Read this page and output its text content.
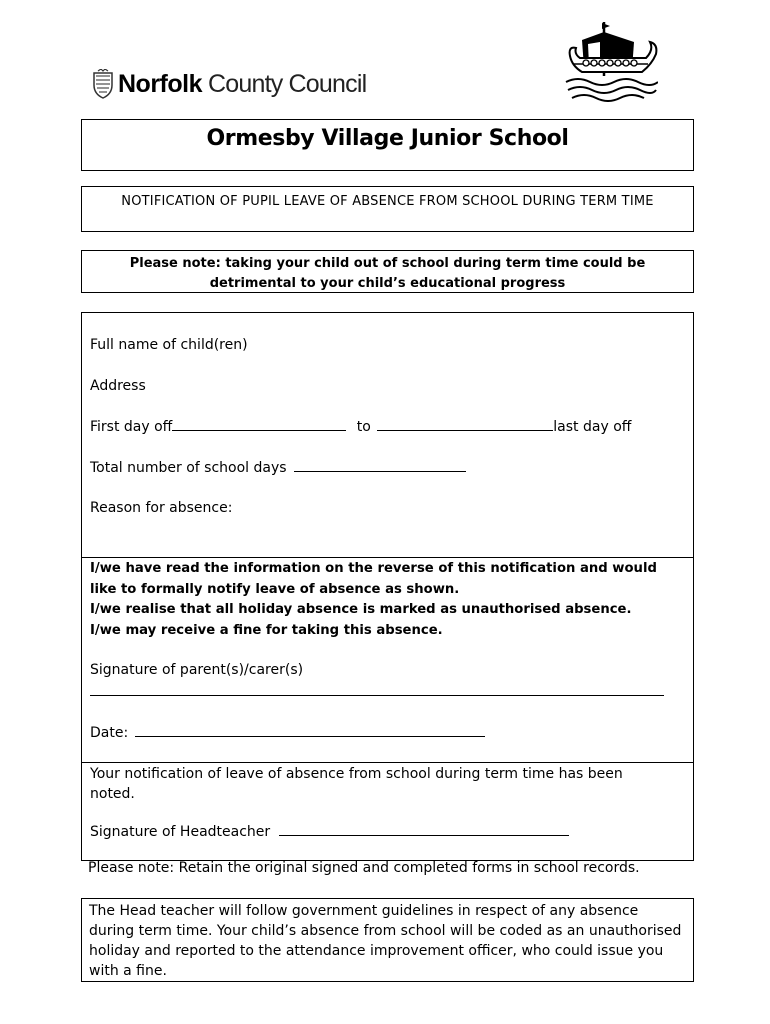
Norfolk County Council
Ormesby Village Junior School
NOTIFICATION OF PUPIL LEAVE OF ABSENCE FROM SCHOOL DURING TERM TIME
Please note: taking your child out of school during term time could be detrimental to your child’s educational progress
Full name of child(ren)
Address
First day off	to	last day off
Total number of school days
Reason for absence:
I/we have read the information on the reverse of this notification and would
like to formally notify leave of absence as shown.
I/we realise that all holiday absence is marked as unauthorised absence.
I/we may receive a fine for taking this absence.
Signature of parent(s)/carer(s)
Date:
Your notification of leave of absence from school during term time has been
noted.
Signature of Headteacher
Please note: Retain the original signed and completed forms in school records.
The Head teacher will follow government guidelines in respect of any absence during term time. Your child’s absence from school will be coded as an unauthorised holiday and reported to the attendance improvement officer, who could issue you with a fine.
